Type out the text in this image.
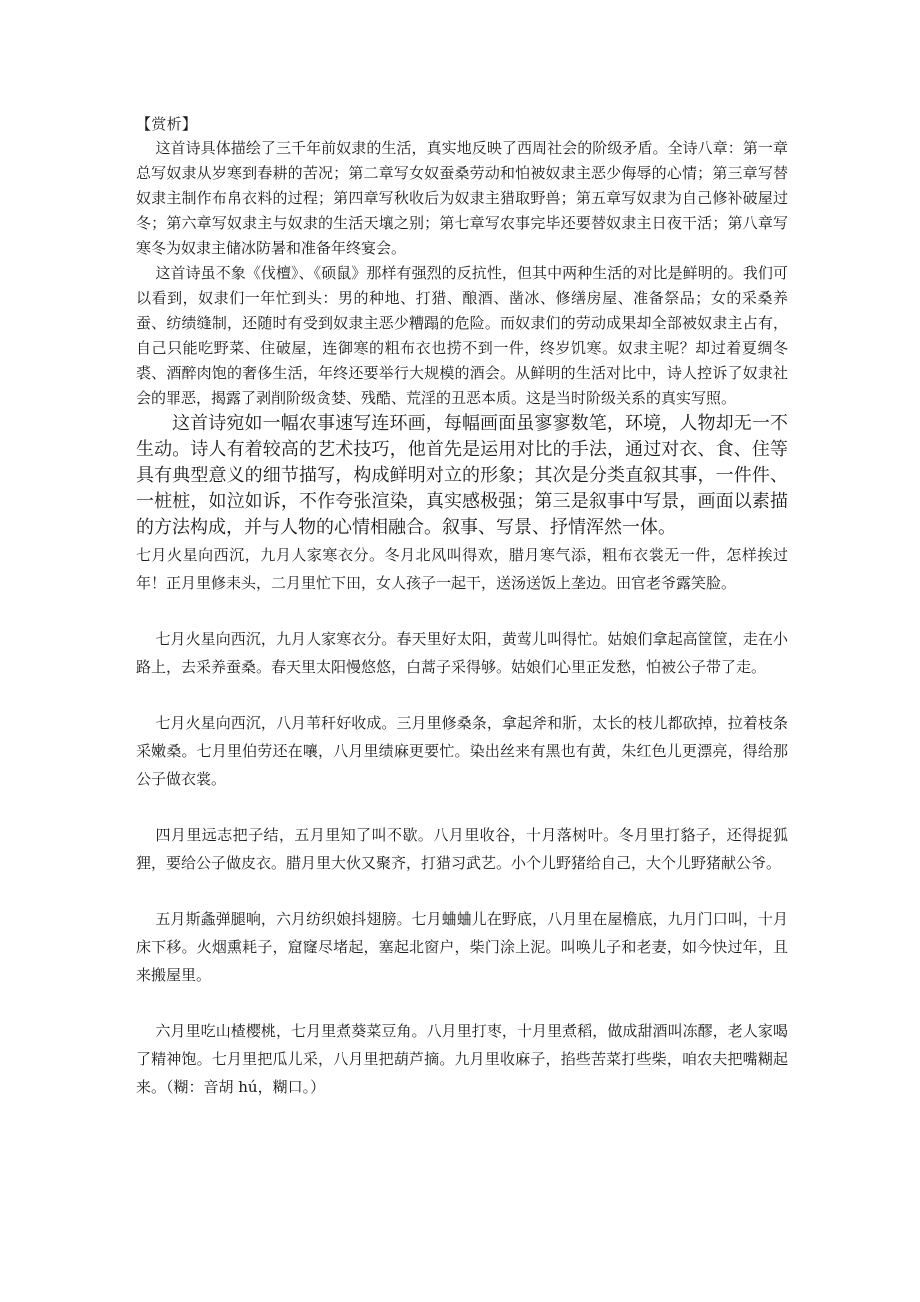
【赏析】

这首诗具体描绘了三千年前奴隶的生活，真实地反映了西周社会的阶级矛盾。全诗八章：第一章总写奴隶从岁寒到春耕的苦况；第二章写女奴蚕桑劳动和怕被奴隶主恶少侮辱的心情；第三章写替奴隶主制作布帛衣料的过程；第四章写秋收后为奴隶主猎取野兽；第五章写奴隶为自己修补破屋过冬；第六章写奴隶主与奴隶的生活天壤之别；第七章写农事完毕还要替奴隶主日夜干活；第八章写寒冬为奴隶主储冰防暑和准备年终宴会。

这首诗虽不象《伐檀》、《硕鼠》那样有强烈的反抗性，但其中两种生活的对比是鲜明的。我们可以看到，奴隶们一年忙到头：男的种地、打猎、酿酒、凿冰、修缮房屋、准备祭品；女的采桑养蚕、纺绩缝制，还随时有受到奴隶主恶少糟蹋的危险。而奴隶们的劳动成果却全部被奴隶主占有，自己只能吃野菜、住破屋，连御寒的粗布衣也捞不到一件，终岁饥寒。奴隶主呢？却过着夏绸冬裘、酒醉肉饱的奢侈生活，年终还要举行大规模的酒会。从鲜明的生活对比中，诗人控诉了奴隶社会的罪恶，揭露了剥削阶级贪婪、残酷、荒淫的丑恶本质。这是当时阶级关系的真实写照。

这首诗宛如一幅农事速写连环画，每幅画面虽寥寥数笔，环境，人物却无一不生动。诗人有着较高的艺术技巧，他首先是运用对比的手法，通过对衣、食、住等具有典型意义的细节描写，构成鲜明对立的形象；其次是分类直叙其事，一件件、一桩桩，如泣如诉，不作夸张渲染，真实感极强；第三是叙事中写景，画面以素描的方法构成，并与人物的心情相融合。叙事、写景、抒情浑然一体。

七月火星向西沉，九月人家寒衣分。冬月北风叫得欢，腊月寒气添，粗布衣裳无一件，怎样挨过年！正月里修耒头，二月里忙下田，女人孩子一起干，送汤送饭上垄边。田官老爷露笑脸。

七月火星向西沉，九月人家寒衣分。春天里好太阳，黄莺儿叫得忙。姑娘们拿起高筐筐，走在小路上，去采养蚕桑。春天里太阳慢悠悠，白蒿子采得够。姑娘们心里正发愁，怕被公子带了走。

七月火星向西沉，八月苇秆好收成。三月里修桑条，拿起斧和斨，太长的枝儿都砍掉，拉着枝条采嫩桑。七月里伯劳还在嚷，八月里绩麻更要忙。染出丝来有黑也有黄，朱红色儿更漂亮，得给那公子做衣裳。

四月里远志把子结，五月里知了叫不歇。八月里收谷，十月落树叶。冬月里打貉子，还得捉狐狸，要给公子做皮衣。腊月里大伙又聚齐，打猎习武艺。小个儿野猪给自己，大个儿野猪献公爷。

五月斯螽弹腿响，六月纺织娘抖翅膀。七月蛐蛐儿在野底，八月里在屋檐底，九月门口叫，十月床下移。火烟熏耗子，窟窿尽堵起，塞起北窗户，柴门涂上泥。叫唤儿子和老妻，如今快过年，且来搬屋里。

六月里吃山楂樱桃，七月里煮葵菜豆角。八月里打枣，十月里煮稻，做成甜酒叫冻醪，老人家喝了精神饱。七月里把瓜儿采，八月里把葫芦摘。九月里收麻子，掐些苦菜打些柴，咱农夫把嘴糊起来。（糊：音胡 hú，糊口。）
